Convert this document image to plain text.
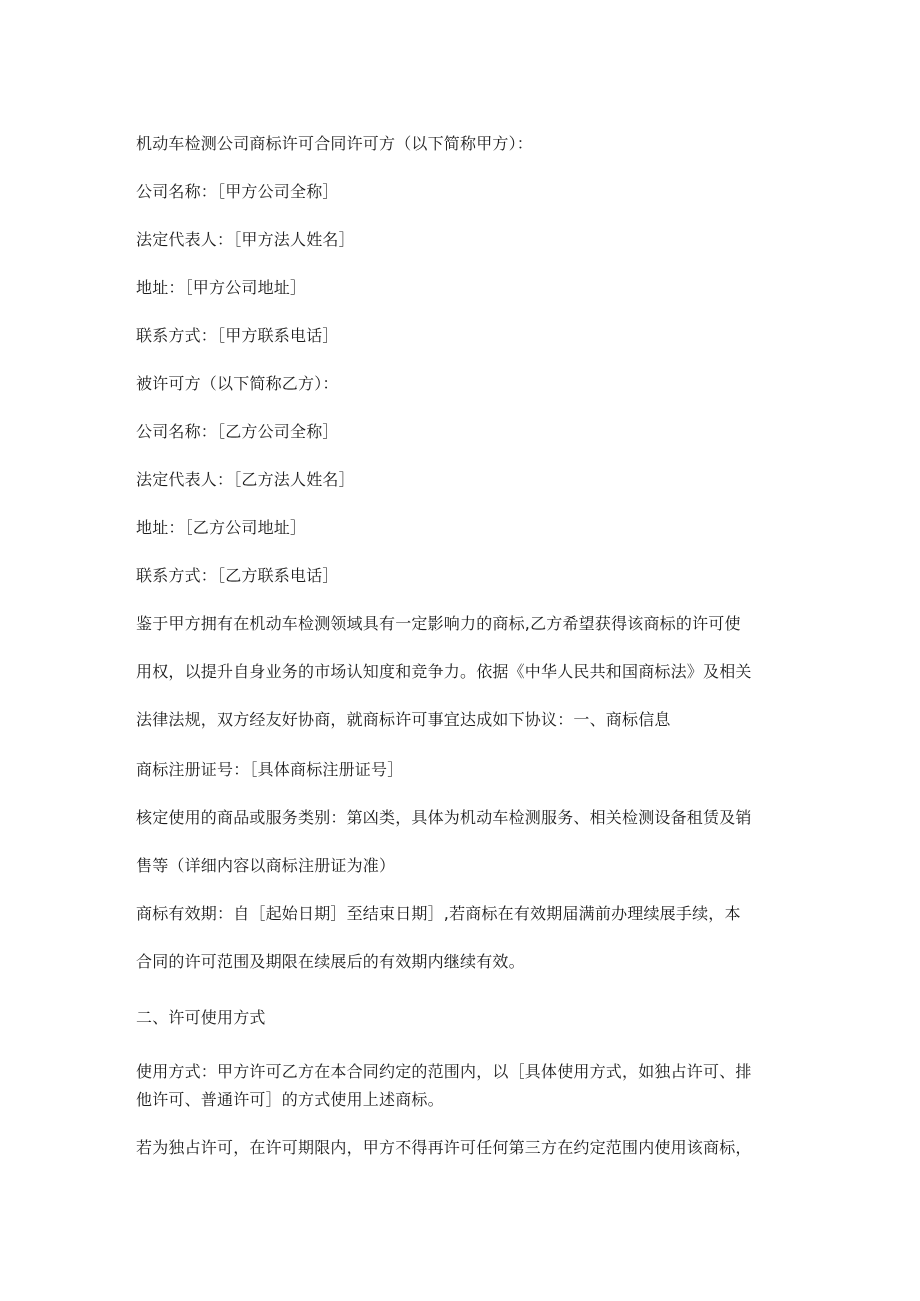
机动车检测公司商标许可合同许可方（以下简称甲方）：
公司名称：［甲方公司全称］
法定代表人：［甲方法人姓名］
地址：［甲方公司地址］
联系方式：［甲方联系电话］
被许可方（以下简称乙方）：
公司名称：［乙方公司全称］
法定代表人：［乙方法人姓名］
地址：［乙方公司地址］
联系方式：［乙方联系电话］
鉴于甲方拥有在机动车检测领域具有一定影响力的商标,乙方希望获得该商标的许可使
用权，以提升自身业务的市场认知度和竞争力。依据《中华人民共和国商标法》及相关
法律法规，双方经友好协商，就商标许可事宜达成如下协议：一、商标信息
商标注册证号：［具体商标注册证号］
核定使用的商品或服务类别：第凶类，具体为机动车检测服务、相关检测设备租赁及销
售等（详细内容以商标注册证为准）
商标有效期：自［起始日期］至结束日期］,若商标在有效期届满前办理续展手续，本
合同的许可范围及期限在续展后的有效期内继续有效。
二、许可使用方式
使用方式：甲方许可乙方在本合同约定的范围内，以［具体使用方式，如独占许可、排
他许可、普通许可］的方式使用上述商标。
若为独占许可，在许可期限内，甲方不得再许可任何第三方在约定范围内使用该商标，
